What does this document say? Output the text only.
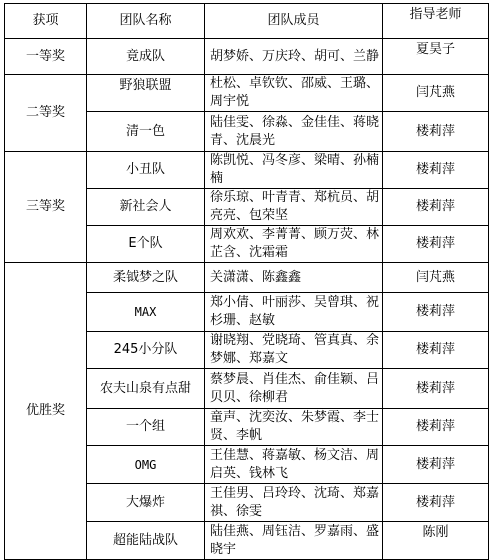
获项	团队名称	团队成员	指导老师
一等奖	竟成队	胡梦娇、万庆玲、胡可、兰静	夏昊子
二等奖	野狼联盟	杜松、卓钦钦、邵威、王璐、周宇悦	闫芃燕
	清一色	陆佳雯、徐淼、金佳佳、蒋晓青、沈晨光	楼莉萍
三等奖	小丑队	陈凯悦、冯冬彦、梁晴、孙楠楠	楼莉萍
	新社会人	徐乐琼、叶青青、郑杭员、胡亮亮、包荣坚	楼莉萍
	E个队	周欢欢、李菁菁、顾万荧、林芷含、沈霜霜	楼莉萍
优胜奖	柔钺梦之队	关潇潇、陈鑫鑫	闫芃燕
	MAX	郑小倩、叶丽莎、吴曾琪、祝杉珊、赵敏	楼莉萍
	245小分队	谢晓翔、党晓琦、管真真、余梦娜、郑嘉文	楼莉萍
	农夫山泉有点甜	蔡梦晨、肖佳杰、俞佳颖、吕贝贝、徐柳君	楼莉萍
	一个组	童声、沈奕汝、朱梦霞、李士贤、李帆	楼莉萍
	OMG	王佳慧、蒋嘉敏、杨文洁、周启英、钱林飞	楼莉萍
	大爆炸	王佳男、吕玲玲、沈琦、郑嘉祺、徐雯	楼莉萍
	超能陆战队	陆佳燕、周钰洁、罗嘉雨、盛晓宇	陈刚
